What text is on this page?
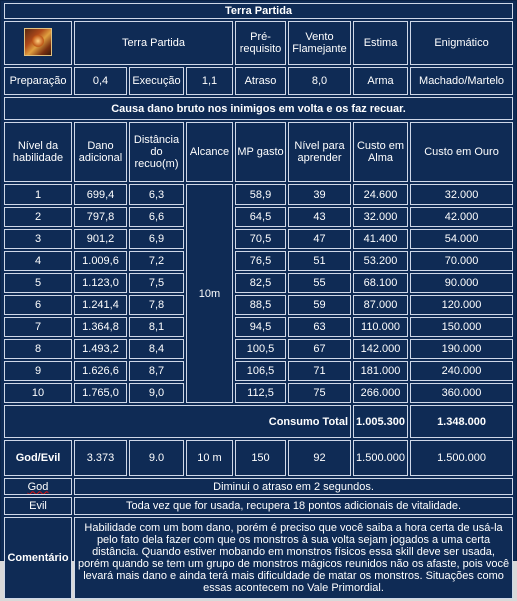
Terra Partida							

	Terra Partida			Pré-requisito	Vento Flamejante	Estima	Enigmático
Preparação	0,4	Execução	1,1	Atraso	8,0	Arma	Machado/Martelo
Causa dano bruto nos inimigos em volta e os faz recuar.							
Nível da habilidade	Dano adicional	Distância do recuo(m)	Alcance	MP gasto	Nível para aprender	Custo em Alma	Custo em Ouro
1	699,4	6,3	10m	58,9	39	24.600	32.000
2	797,8	6,6		64,5	43	32.000	42.000
3	901,2	6,9		70,5	47	41.400	54.000
4	1.009,6	7,2		76,5	51	53.200	70.000
5	1.123,0	7,5		82,5	55	68.100	90.000
6	1.241,4	7,8		88,5	59	87.000	120.000
7	1.364,8	8,1		94,5	63	110.000	150.000
8	1.493,2	8,4		100,5	67	142.000	190.000
9	1.626,6	8,7		106,5	71	181.000	240.000
10	1.765,0	9,0		112,5	75	266.000	360.000
Consumo Total						1.005.300	1.348.000
God/Evil	3.373	9.0	10 m	150	92	1.500.000	1.500.000
God	Diminui o atraso em 2 segundos.						
Evil	Toda vez que for usada, recupera 18 pontos adicionais de vitalidade.						
Comentário	Habilidade com um bom dano, porém é preciso que você saiba a hora certa de usá-la pelo fato dela fazer com que os monstros à sua volta sejam jogados a uma certa distância. Quando estiver mobando em monstros físicos essa skill deve ser usada, porém quando se tem um grupo de monstros mágicos reunidos não os afaste, pois você levará mais dano e ainda terá mais dificuldade de matar os monstros. Situações como essas acontecem no Vale Primordial.						
